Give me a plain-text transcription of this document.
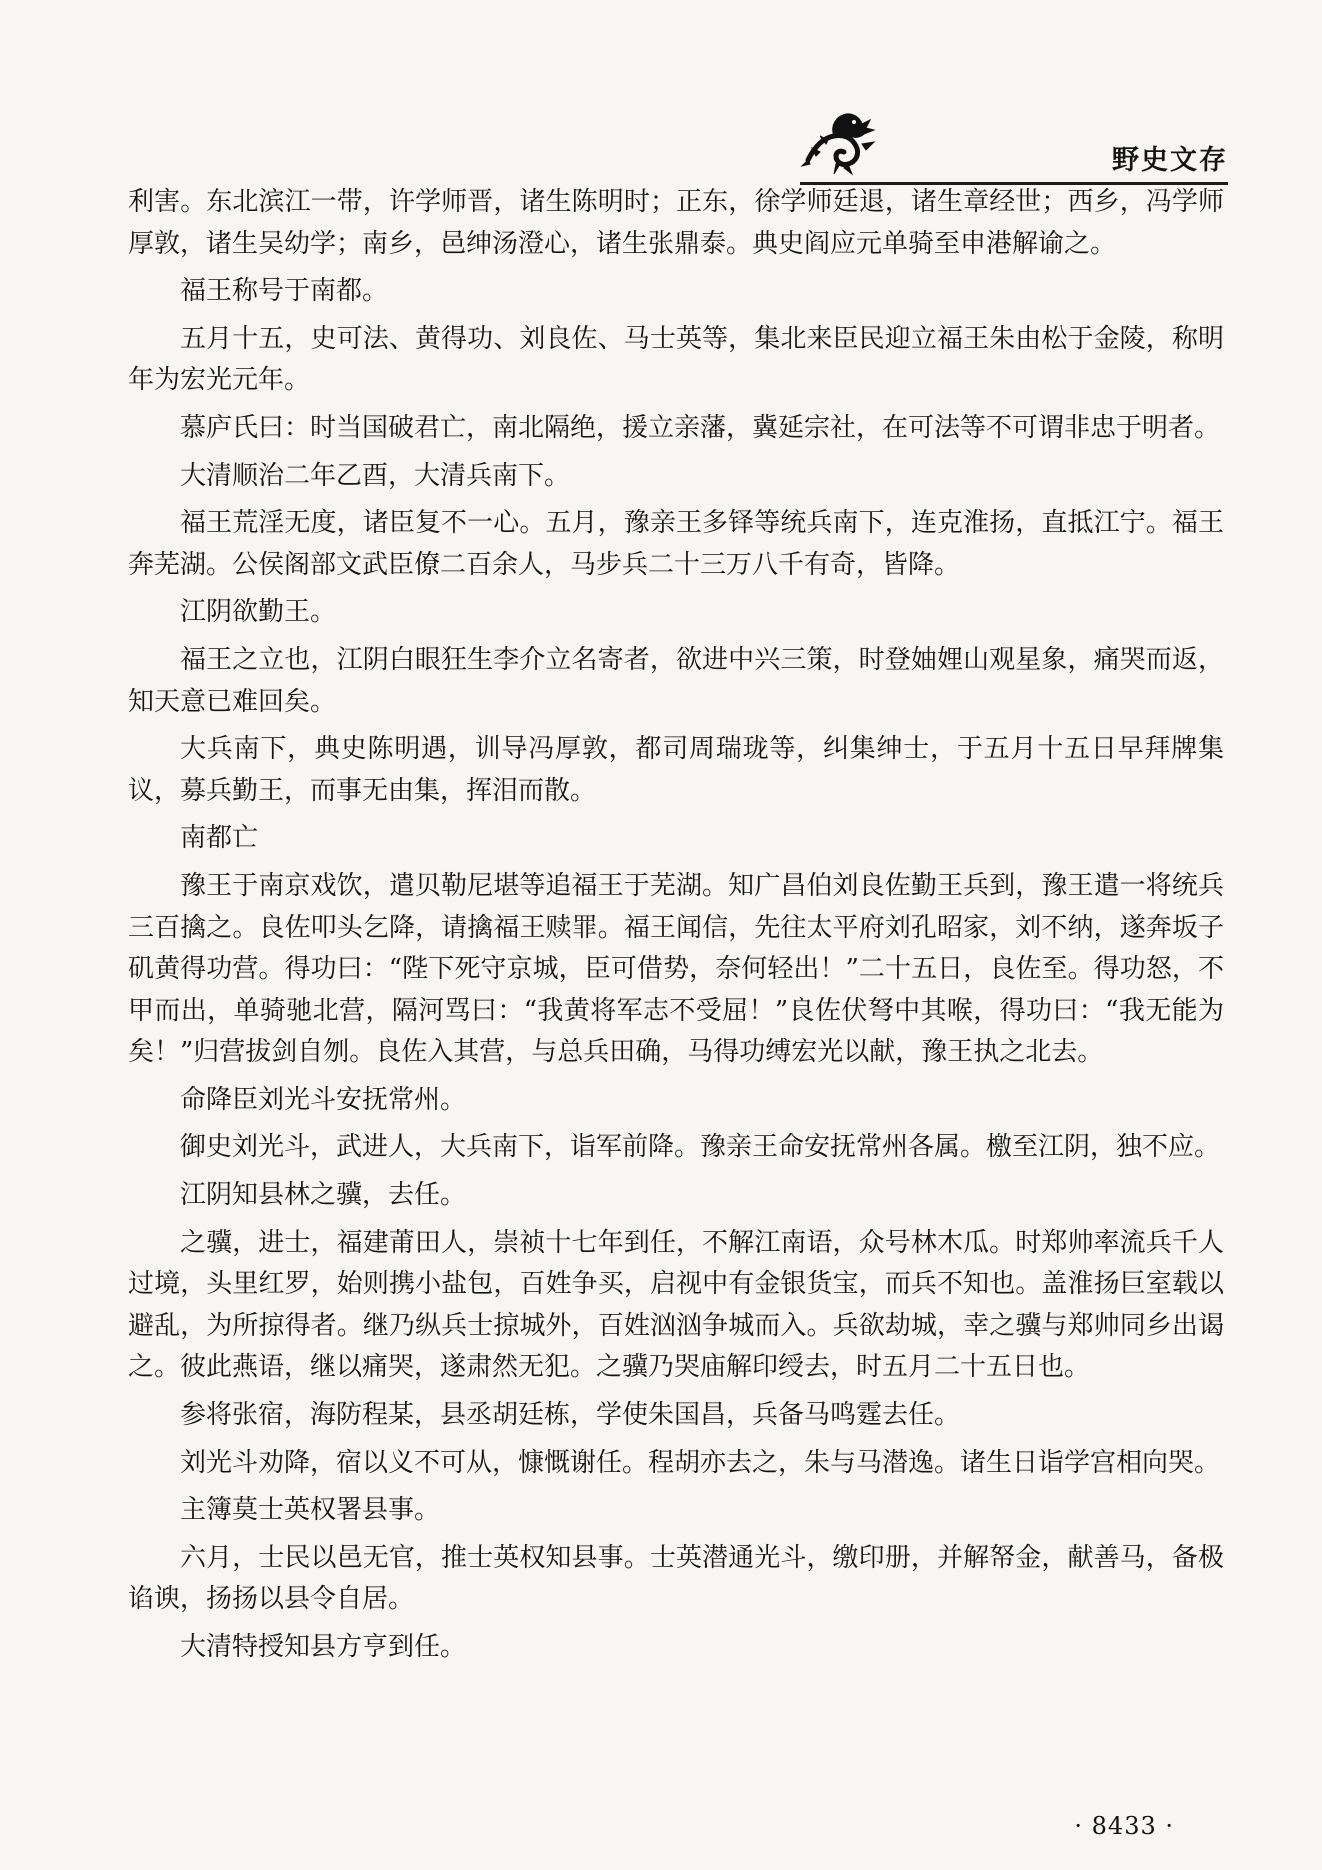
野史文存

利害。东北滨江一带，许学师晋，诸生陈明时；正东，徐学师廷退，诸生章经世；西乡，冯学师厚敦，诸生吴幼学；南乡，邑绅汤澄心，诸生张鼎泰。典史阎应元单骑至申港解谕之。

福王称号于南都。

五月十五，史可法、黄得功、刘良佐、马士英等，集北来臣民迎立福王朱由松于金陵，称明年为宏光元年。

慕庐氏曰：时当国破君亡，南北隔绝，援立亲藩，冀延宗社，在可法等不可谓非忠于明者。

大清顺治二年乙酉，大清兵南下。

福王荒淫无度，诸臣复不一心。五月，豫亲王多铎等统兵南下，连克淮扬，直抵江宁。福王奔芜湖。公侯阁部文武臣僚二百余人，马步兵二十三万八千有奇，皆降。

江阴欲勤王。

福王之立也，江阴白眼狂生李介立名寄者，欲进中兴三策，时登妯娌山观星象，痛哭而返，知天意已难回矣。

大兵南下，典史陈明遇，训导冯厚敦，都司周瑞珑等，纠集绅士，于五月十五日早拜牌集议，募兵勤王，而事无由集，挥泪而散。

南都亡

豫王于南京戏饮，遣贝勒尼堪等追福王于芜湖。知广昌伯刘良佐勤王兵到，豫王遣一将统兵三百擒之。良佐叩头乞降，请擒福王赎罪。福王闻信，先往太平府刘孔昭家，刘不纳，遂奔坂子矶黄得功营。得功曰：“陛下死守京城，臣可借势，奈何轻出！”二十五日，良佐至。得功怒，不甲而出，单骑驰北营，隔河骂曰：“我黄将军志不受屈！”良佐伏弩中其喉，得功曰：“我无能为矣！”归营拔剑自刎。良佐入其营，与总兵田确，马得功缚宏光以献，豫王执之北去。

命降臣刘光斗安抚常州。

御史刘光斗，武进人，大兵南下，诣军前降。豫亲王命安抚常州各属。檄至江阴，独不应。

江阴知县林之骥，去任。

之骥，进士，福建莆田人，崇祯十七年到任，不解江南语，众号林木瓜。时郑帅率流兵千人过境，头里红罗，始则携小盐包，百姓争买，启视中有金银货宝，而兵不知也。盖淮扬巨室载以避乱，为所掠得者。继乃纵兵士掠城外，百姓汹汹争城而入。兵欲劫城，幸之骥与郑帅同乡出谒之。彼此燕语，继以痛哭，遂肃然无犯。之骥乃哭庙解印绶去，时五月二十五日也。

参将张宿，海防程某，县丞胡廷栋，学使朱国昌，兵备马鸣霆去任。

刘光斗劝降，宿以义不可从，慷慨谢任。程胡亦去之，朱与马潜逸。诸生日诣学宫相向哭。

主簿莫士英权署县事。

六月，士民以邑无官，推士英权知县事。士英潜通光斗，缴印册，并解帑金，献善马，备极谄谀，扬扬以县令自居。

大清特授知县方亨到任。

· 8433 ·
